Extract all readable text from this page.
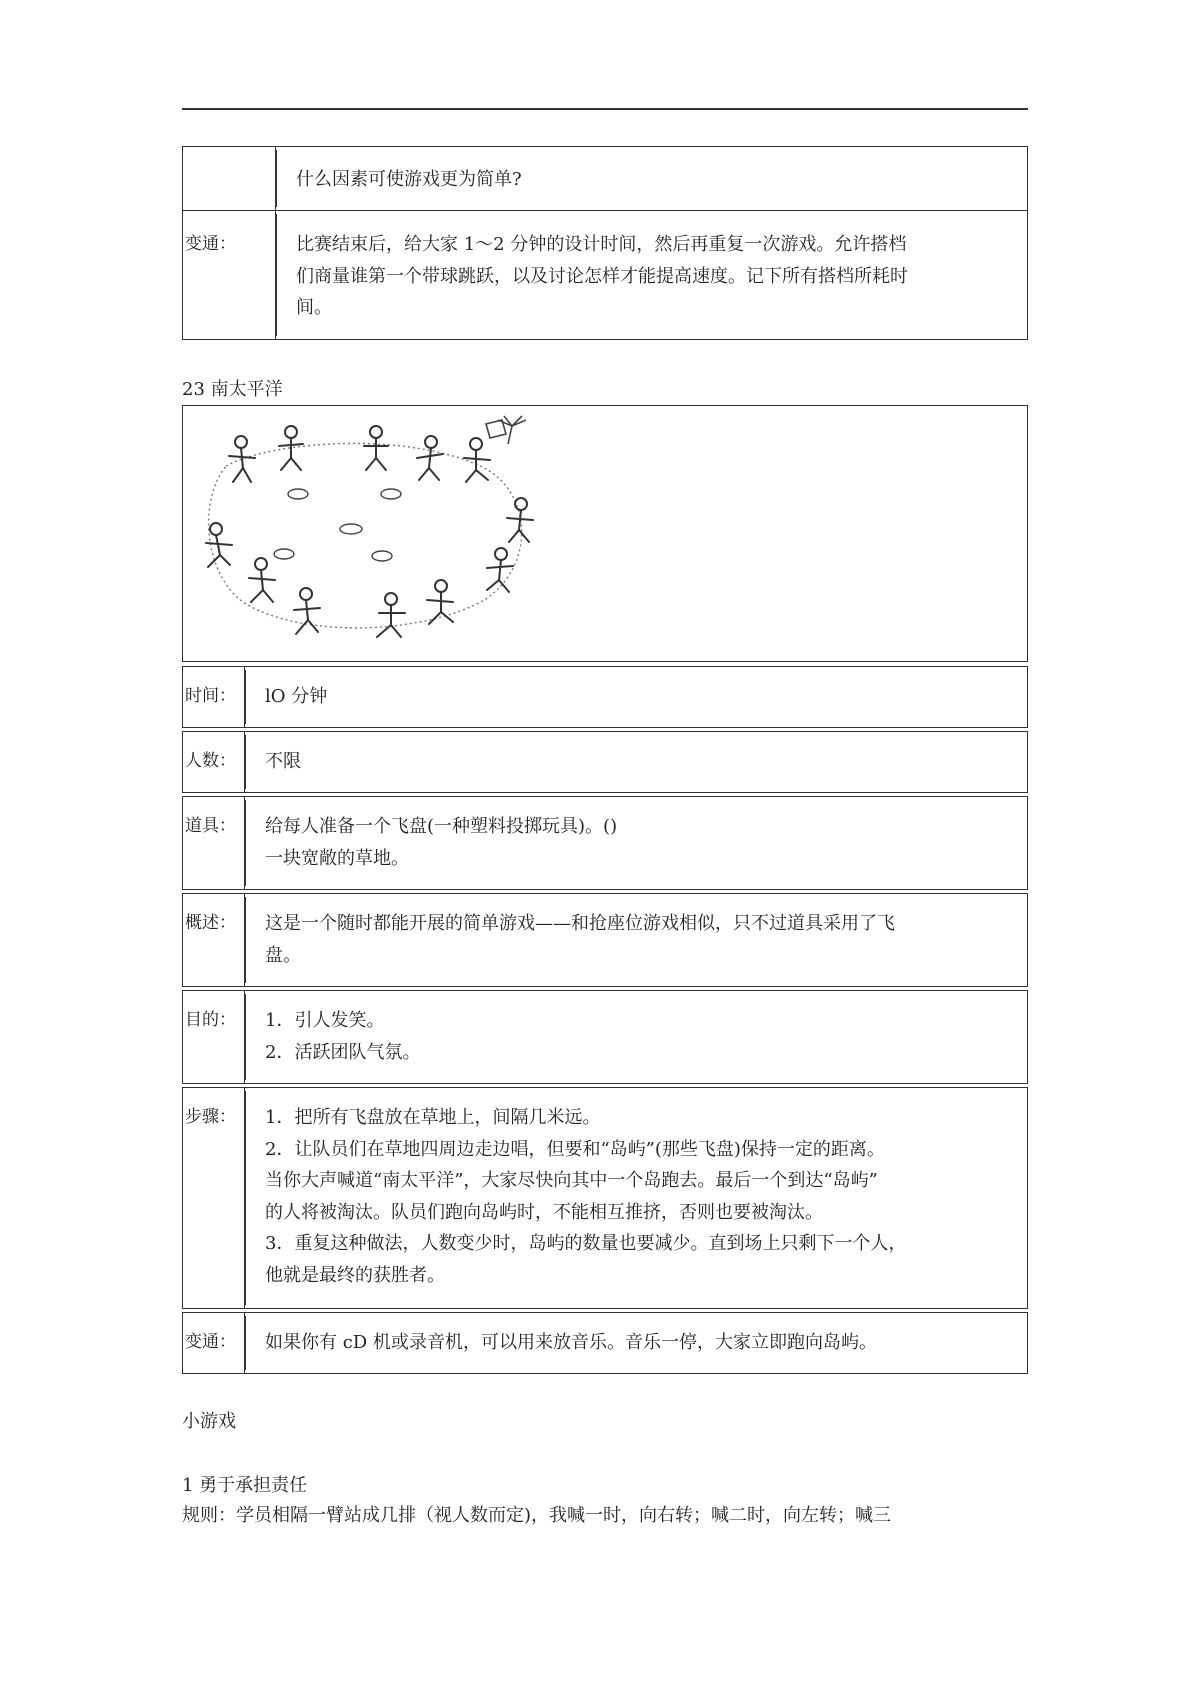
什么因素可使游戏更为简单?
变通：	比赛结束后，给大家 1～2 分钟的设计时间，然后再重复一次游戏。允许搭档
们商量谁第一个带球跳跃，以及讨论怎样才能提高速度。记下所有搭档所耗时
间。
23 南太平洋
时间：	lO 分钟
人数：	不限
道具：	给每人准备一个飞盘(一种塑料投掷玩具)。()
一块宽敞的草地。
概述：	这是一个随时都能开展的简单游戏——和抢座位游戏相似，只不过道具采用了飞
盘。
目的：	1．引人发笑。
2．活跃团队气氛。
步骤：	1．把所有飞盘放在草地上，间隔几米远。
2．让队员们在草地四周边走边唱，但要和“岛屿”(那些飞盘)保持一定的距离。
当你大声喊道“南太平洋”，大家尽快向其中一个岛跑去。最后一个到达“岛屿”
的人将被淘汰。队员们跑向岛屿时，不能相互推挤，否则也要被淘汰。
3．重复这种做法，人数变少时，岛屿的数量也要减少。直到场上只剩下一个人，
他就是最终的获胜者。
变通：	如果你有 cD 机或录音机，可以用来放音乐。音乐一停，大家立即跑向岛屿。
小游戏
1 勇于承担责任
规则：学员相隔一臂站成几排（视人数而定)，我喊一时，向右转；喊二时，向左转；喊三
